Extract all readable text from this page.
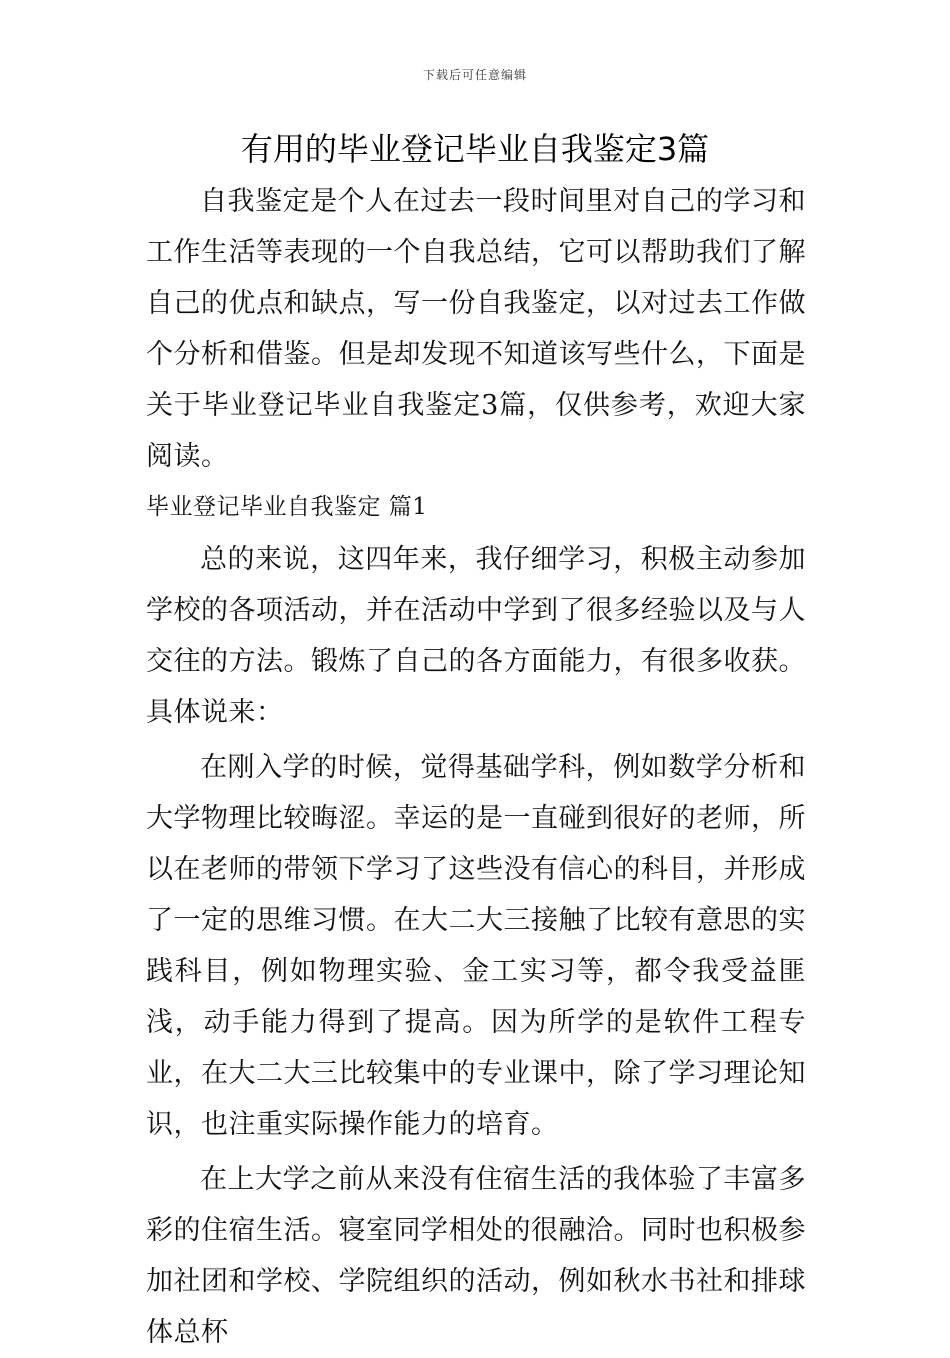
下载后可任意编辑
有用的毕业登记毕业自我鉴定3篇

自我鉴定是个人在过去一段时间里对自己的学习和工作生活等表现的一个自我总结，它可以帮助我们了解自己的优点和缺点，写一份自我鉴定，以对过去工作做个分析和借鉴。但是却发现不知道该写些什么，下面是关于毕业登记毕业自我鉴定3篇，仅供参考，欢迎大家阅读。

毕业登记毕业自我鉴定 篇1

总的来说，这四年来，我仔细学习，积极主动参加学校的各项活动，并在活动中学到了很多经验以及与人交往的方法。锻炼了自己的各方面能力，有很多收获。具体说来：

在刚入学的时候，觉得基础学科，例如数学分析和大学物理比较晦涩。幸运的是一直碰到很好的老师，所以在老师的带领下学习了这些没有信心的科目，并形成了一定的思维习惯。在大二大三接触了比较有意思的实践科目，例如物理实验、金工实习等，都令我受益匪浅，动手能力得到了提高。因为所学的是软件工程专业，在大二大三比较集中的专业课中，除了学习理论知识，也注重实际操作能力的培育。

在上大学之前从来没有住宿生活的我体验了丰富多彩的住宿生活。寝室同学相处的很融洽。同时也积极参加社团和学校、学院组织的活动，例如秋水书社和排球体总杯
